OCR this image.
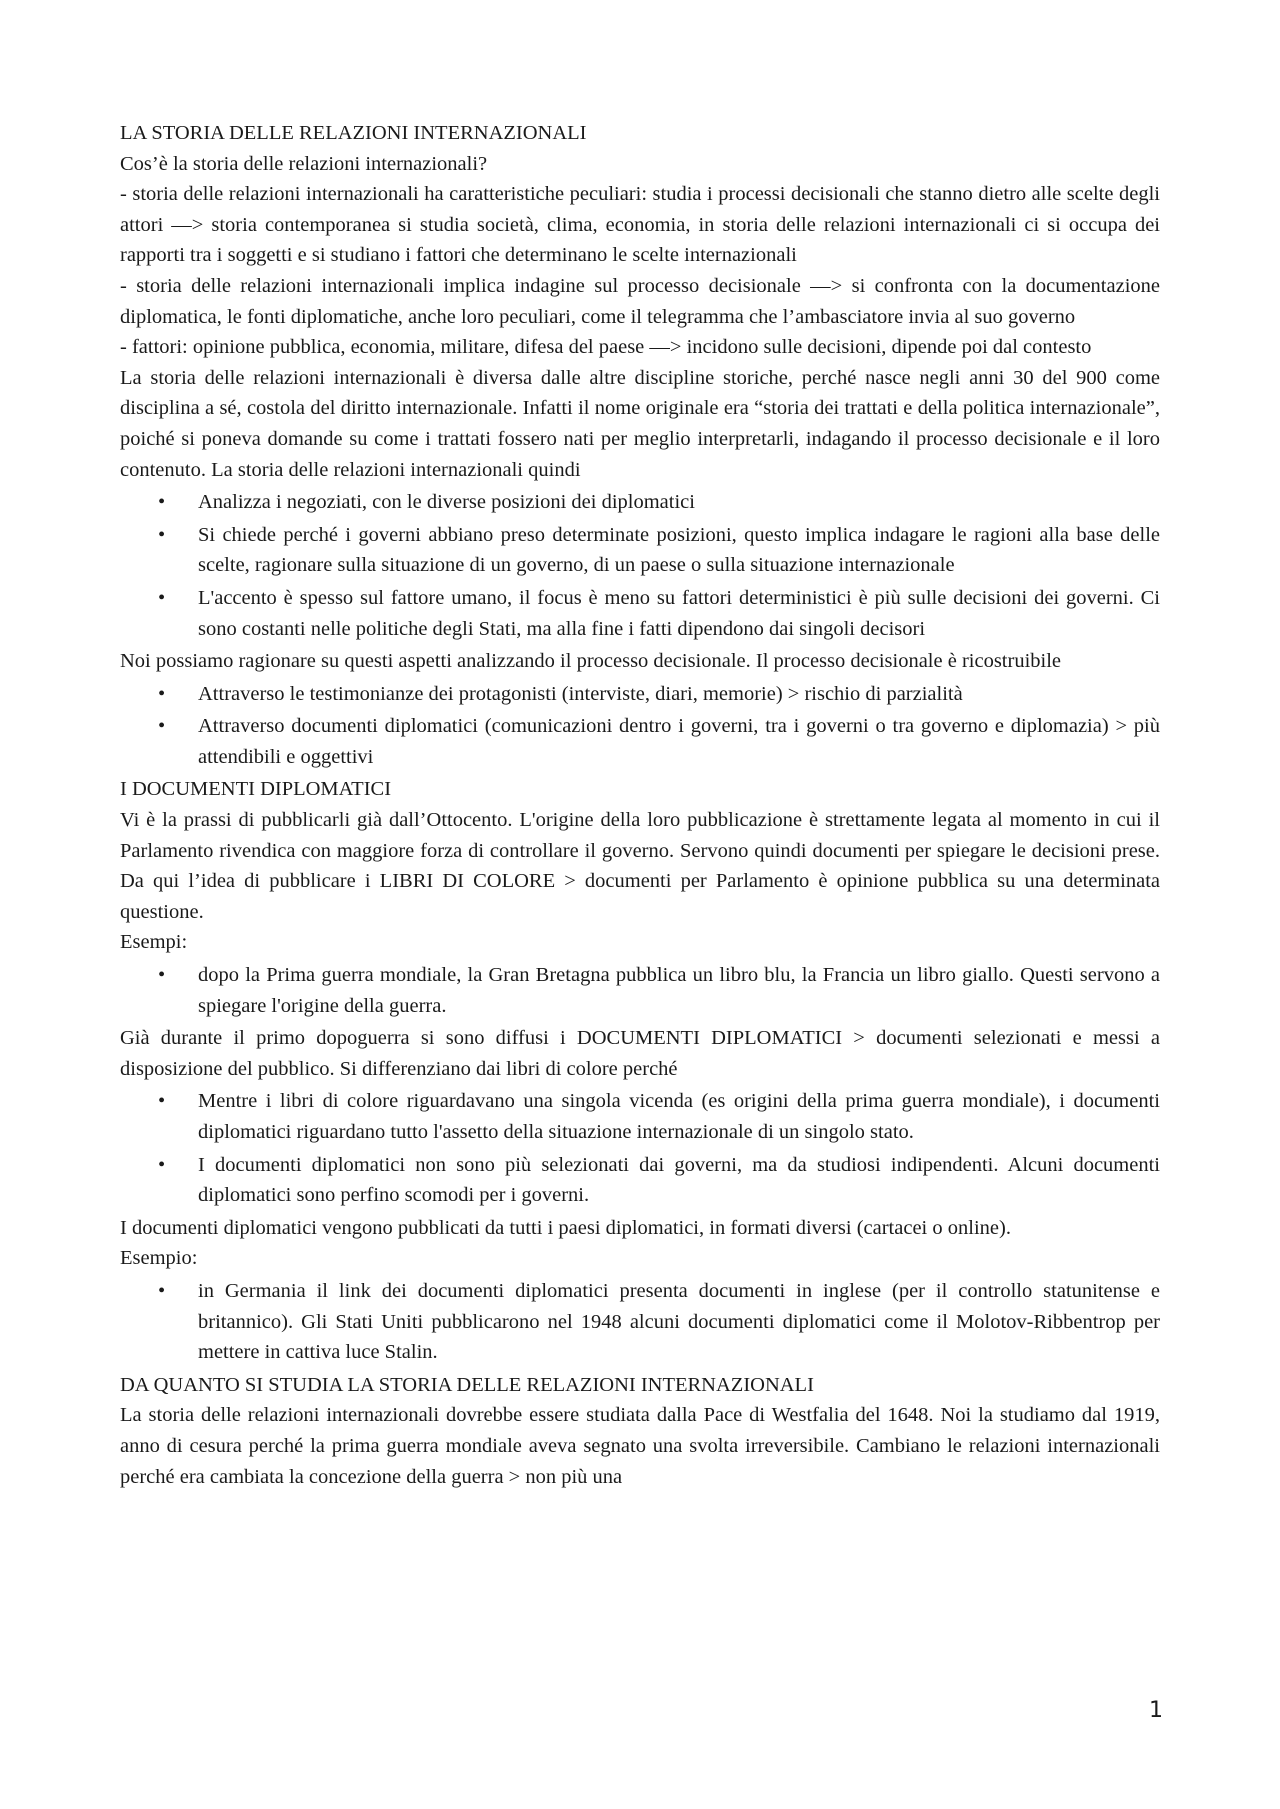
LA STORIA DELLE RELAZIONI INTERNAZIONALI

Cos’è la storia delle relazioni internazionali?

- storia delle relazioni internazionali ha caratteristiche peculiari: studia i processi decisionali che stanno dietro alle scelte degli attori —> storia contemporanea si studia società, clima, economia, in storia delle relazioni internazionali ci si occupa dei rapporti tra i soggetti e si studiano i fattori che determinano le scelte internazionali

- storia delle relazioni internazionali implica indagine sul processo decisionale —> si confronta con la documentazione diplomatica, le fonti diplomatiche, anche loro peculiari, come il telegramma che l’ambasciatore invia al suo governo

- fattori: opinione pubblica, economia, militare, difesa del paese —> incidono sulle decisioni, dipende poi dal contesto

La storia delle relazioni internazionali è diversa dalle altre discipline storiche, perché nasce negli anni 30 del 900 come disciplina a sé, costola del diritto internazionale. Infatti il nome originale era “storia dei trattati e della politica internazionale”, poiché si poneva domande su come i trattati fossero nati per meglio interpretarli, indagando il processo decisionale e il loro contenuto. La storia delle relazioni internazionali quindi

• Analizza i negoziati, con le diverse posizioni dei diplomatici
• Si chiede perché i governi abbiano preso determinate posizioni, questo implica indagare le ragioni alla base delle scelte, ragionare sulla situazione di un governo, di un paese o sulla situazione internazionale
• L'accento è spesso sul fattore umano, il focus è meno su fattori deterministici è più sulle decisioni dei governi. Ci sono costanti nelle politiche degli Stati, ma alla fine i fatti dipendono dai singoli decisori

Noi possiamo ragionare su questi aspetti analizzando il processo decisionale. Il processo decisionale è ricostruibile

• Attraverso le testimonianze dei protagonisti (interviste, diari, memorie) > rischio di parzialità
• Attraverso documenti diplomatici (comunicazioni dentro i governi, tra i governi o tra governo e diplomazia) > più attendibili e oggettivi

I DOCUMENTI DIPLOMATICI

Vi è la prassi di pubblicarli già dall’Ottocento. L'origine della loro pubblicazione è strettamente legata al momento in cui il Parlamento rivendica con maggiore forza di controllare il governo. Servono quindi documenti per spiegare le decisioni prese. Da qui l’idea di pubblicare i LIBRI DI COLORE > documenti per Parlamento è opinione pubblica su una determinata questione.

Esempi:

• dopo la Prima guerra mondiale, la Gran Bretagna pubblica un libro blu, la Francia un libro giallo. Questi servono a spiegare l'origine della guerra.

Già durante il primo dopoguerra si sono diffusi i DOCUMENTI DIPLOMATICI > documenti selezionati e messi a disposizione del pubblico. Si differenziano dai libri di colore perché

• Mentre i libri di colore riguardavano una singola vicenda (es origini della prima guerra mondiale), i documenti diplomatici riguardano tutto l'assetto della situazione internazionale di un singolo stato.
• I documenti diplomatici non sono più selezionati dai governi, ma da studiosi indipendenti. Alcuni documenti diplomatici sono perfino scomodi per i governi.

I documenti diplomatici vengono pubblicati da tutti i paesi diplomatici, in formati diversi (cartacei o online).

Esempio:

• in Germania il link dei documenti diplomatici presenta documenti in inglese (per il controllo statunitense e britannico). Gli Stati Uniti pubblicarono nel 1948 alcuni documenti diplomatici come il Molotov-Ribbentrop per mettere in cattiva luce Stalin.

DA QUANTO SI STUDIA LA STORIA DELLE RELAZIONI INTERNAZIONALI

La storia delle relazioni internazionali dovrebbe essere studiata dalla Pace di Westfalia del 1648. Noi la studiamo dal 1919, anno di cesura perché la prima guerra mondiale aveva segnato una svolta irreversibile. Cambiano le relazioni internazionali perché era cambiata la concezione della guerra > non più una

1
